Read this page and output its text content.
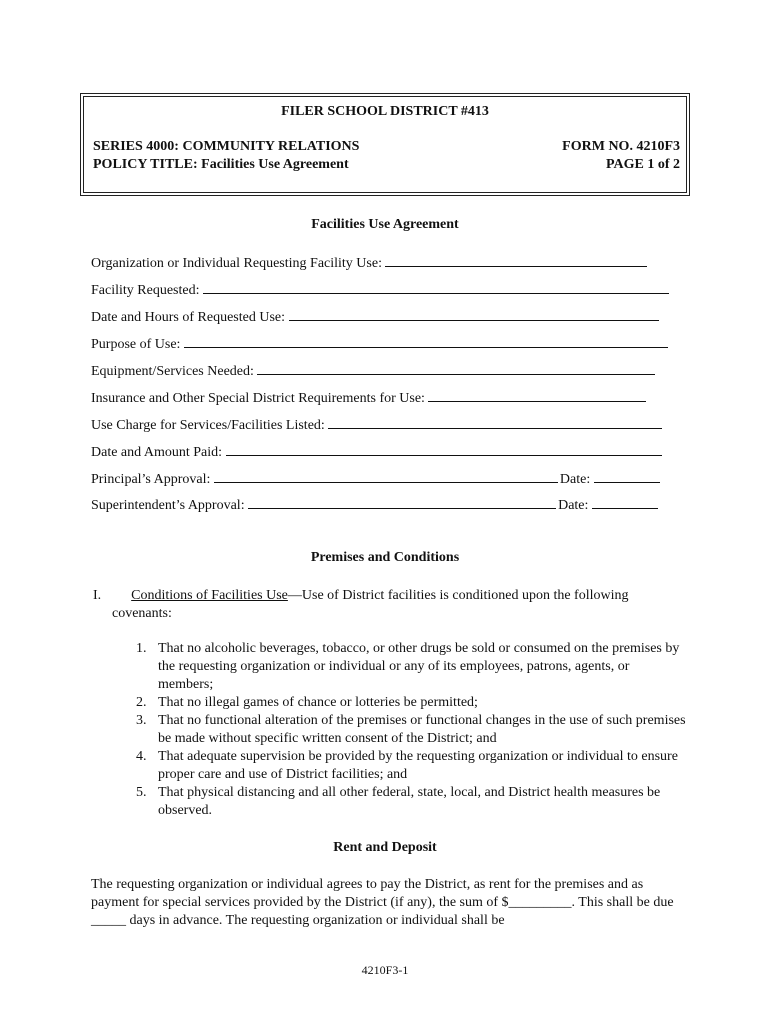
FILER SCHOOL DISTRICT #413
SERIES 4000: COMMUNITY RELATIONS
POLICY TITLE: Facilities Use Agreement
FORM NO. 4210F3
PAGE 1 of 2
Facilities Use Agreement
Organization or Individual Requesting Facility Use:
Facility Requested:
Date and Hours of Requested Use:
Purpose of Use:
Equipment/Services Needed:
Insurance and Other Special District Requirements for Use:
Use Charge for Services/Facilities Listed:
Date and Amount Paid:
Principal’s Approval:	Date:
Superintendent’s Approval:	Date:
Premises and Conditions
I. Conditions of Facilities Use—Use of District facilities is conditioned upon the following
covenants:
1. That no alcoholic beverages, tobacco, or other drugs be sold or consumed on the premises by the requesting organization or individual or any of its employees, patrons, agents, or members;
2. That no illegal games of chance or lotteries be permitted;
3. That no functional alteration of the premises or functional changes in the use of such premises be made without specific written consent of the District; and
4. That adequate supervision be provided by the requesting organization or individual to ensure proper care and use of District facilities; and
5. That physical distancing and all other federal, state, local, and District health measures be observed.
Rent and Deposit
The requesting organization or individual agrees to pay the District, as rent for the premises and as payment for special services provided by the District (if any), the sum of $_________. This shall be due _____ days in advance. The requesting organization or individual shall be
4210F3-1
